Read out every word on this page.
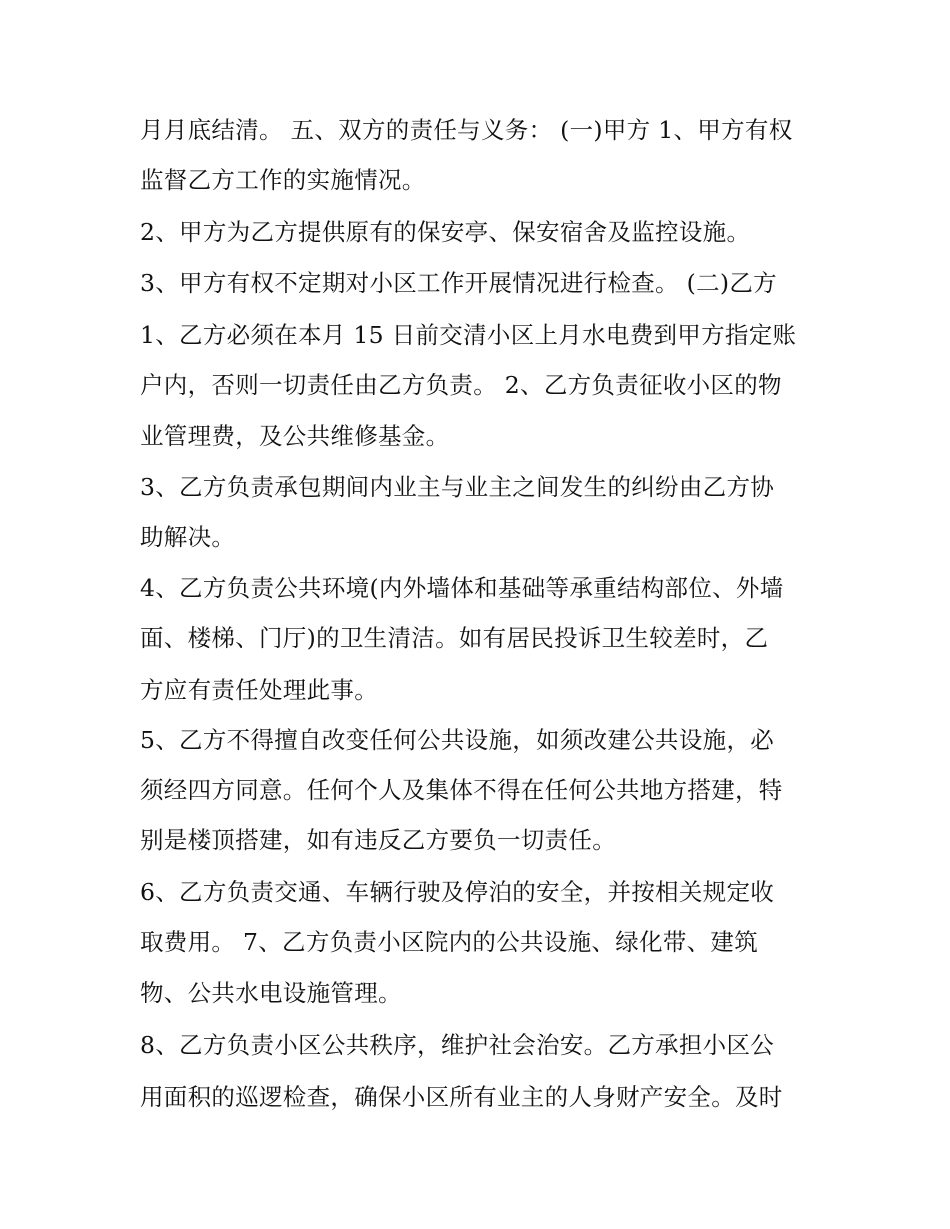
月月底结清。 五、双方的责任与义务： (一)甲方 1、甲方有权
监督乙方工作的实施情况。
2、甲方为乙方提供原有的保安亭、保安宿舍及监控设施。
3、甲方有权不定期对小区工作开展情况进行检查。 (二)乙方
1、乙方必须在本月 15 日前交清小区上月水电费到甲方指定账
户内，否则一切责任由乙方负责。 2、乙方负责征收小区的物
业管理费，及公共维修基金。
3、乙方负责承包期间内业主与业主之间发生的纠纷由乙方协
助解决。
4、乙方负责公共环境(内外墙体和基础等承重结构部位、外墙
面、楼梯、门厅)的卫生清洁。如有居民投诉卫生较差时，乙
方应有责任处理此事。
5、乙方不得擅自改变任何公共设施，如须改建公共设施，必
须经四方同意。任何个人及集体不得在任何公共地方搭建，特
别是楼顶搭建，如有违反乙方要负一切责任。
6、乙方负责交通、车辆行驶及停泊的安全，并按相关规定收
取费用。 7、乙方负责小区院内的公共设施、绿化带、建筑
物、公共水电设施管理。
8、乙方负责小区公共秩序，维护社会治安。乙方承担小区公
用面积的巡逻检查，确保小区所有业主的人身财产安全。及时
